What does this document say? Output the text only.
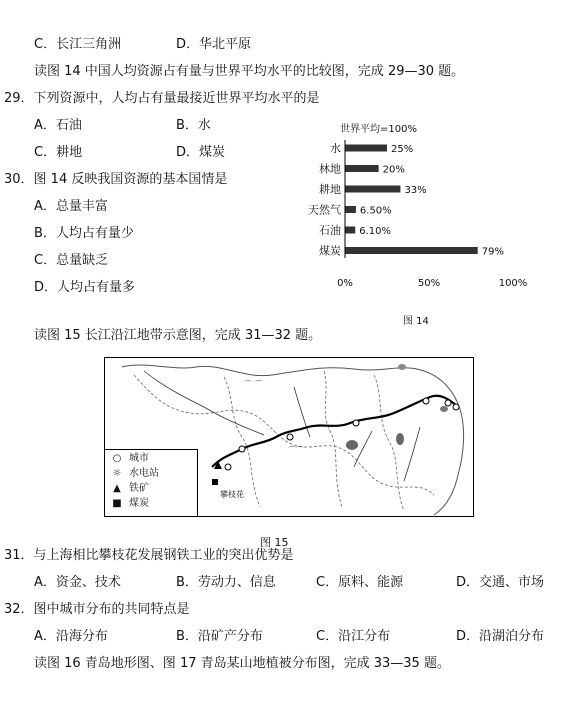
C．长江三角洲	D．华北平原
读图 14 中国人均资源占有量与世界平均水平的比较图，完成 29—30 题。
29．下列资源中，人均占有量最接近世界平均水平的是
A．石油	B．水
C．耕地	D．煤炭
30．图 14 反映我国资源的基本国情是
A．总量丰富
B．人均占有量少
C．总量缺乏
D．人均占有量多
世界平均=100%
水	25%
林地	20%
耕地	33%
天然气 6.50%
石油 6.10%
煤炭	79%
0%	50%	100%
图 14
读图 15 长江沿江地带示意图，完成 31—32 题。
攀枝花
⌒⌒
⌒ ⌒
○ 城市
☼ 水电站
▲ 铁矿
■ 煤炭
图 15
31．与上海相比攀枝花发展钢铁工业的突出优势是
A．资金、技术	B．劳动力、信息	C．原料、能源	D．交通、市场
32．图中城市分布的共同特点是
A．沿海分布	B．沿矿产分布	C．沿江分布	D．沿湖泊分布
读图 16 青岛地形图、图 17 青岛某山地植被分布图，完成 33—35 题。
